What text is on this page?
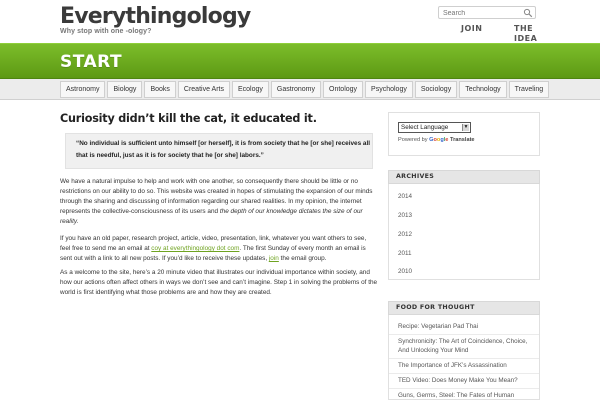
Everythingology
Why stop with one -ology?
Search	JOIN	THE
IDEA
START
Astronomy	Biology	Books	Creative Arts	Ecology	Gastronomy	Ontology	Psychology	Sociology	Technology	Traveling
Curiosity didn’t kill the cat, it educated it.
“No individual is sufficient unto himself [or herself], it is from society that he [or she] receives all that is needful, just as it is for society that he [or she] labors.”

We have a natural impulse to help and work with one another, so consequently there should be little or no restrictions on our ability to do so. This website was created in hopes of stimulating the expansion of our minds through the sharing and discussing of information regarding our shared realities. In my opinion, the internet represents the collective-consciousness of its users and the depth of our knowledge dictates the size of our reality.

If you have an old paper, research project, article, video, presentation, link, whatever you want others to see, feel free to send me an email at coy at everythingology dot com. The first Sunday of every month an email is sent out with a link to all new posts. If you’d like to receive these updates, join the email group.

As a welcome to the site, here’s a 20 minute video that illustrates our individual importance within society, and how our actions often affect others in ways we don’t see and can’t imagine. Step 1 in solving the problems of the world is first identifying what those problems are and how they are created.

Select Language	▼
Powered by Google Translate
ARCHIVES
2014
2013
2012
2011
2010
FOOD FOR THOUGHT
Recipe: Vegetarian Pad Thai
Synchronicity: The Art of Coincidence, Choice, And Unlocking Your Mind
The Importance of JFK’s Assassination
TED Video: Does Money Make You Mean?
Guns, Germs, Steel: The Fates of Human
